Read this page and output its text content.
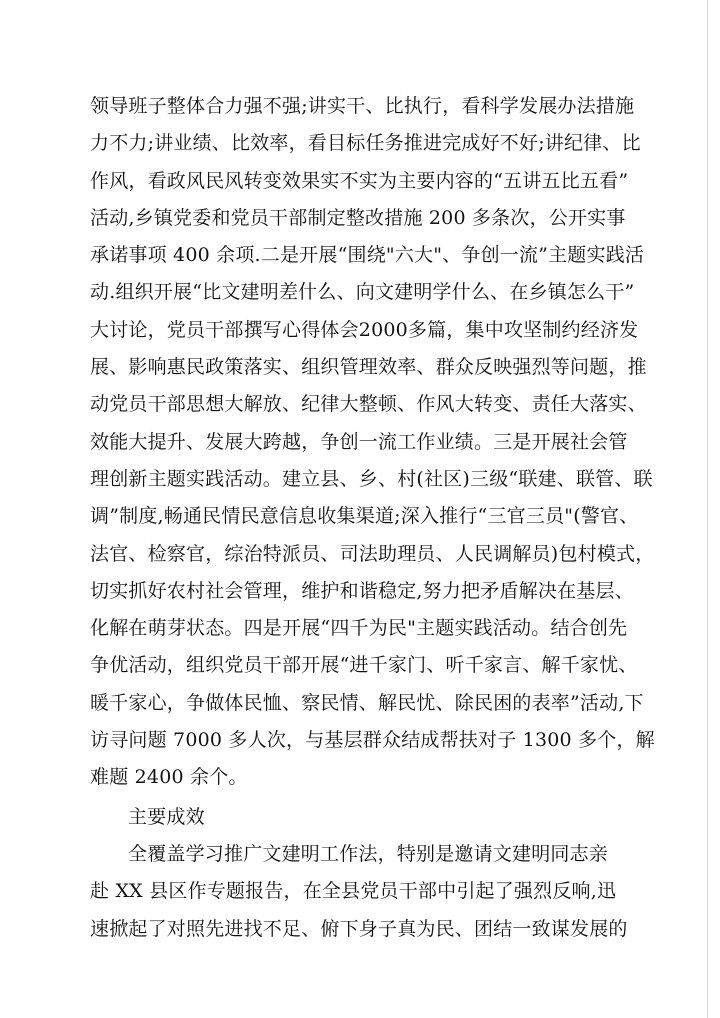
领导班子整体合力强不强;讲实干、比执行，看科学发展办法措施
力不力;讲业绩、比效率，看目标任务推进完成好不好;讲纪律、比
作风，看政风民风转变效果实不实为主要内容的“五讲五比五看”
活动,乡镇党委和党员干部制定整改措施 200 多条次，公开实事
承诺事项 400 余项.二是开展“围绕"六大"、争创一流”主题实践活
动.组织开展“比文建明差什么、向文建明学什么、在乡镇怎么干”
大讨论，党员干部撰写心得体会2000多篇，集中攻坚制约经济发
展、影响惠民政策落实、组织管理效率、群众反映强烈等问题，推
动党员干部思想大解放、纪律大整顿、作风大转变、责任大落实、
效能大提升、发展大跨越，争创一流工作业绩。三是开展社会管
理创新主题实践活动。建立县、乡、村(社区)三级“联建、联管、联
调”制度,畅通民情民意信息收集渠道;深入推行“三官三员"(警官、
法官、检察官，综治特派员、司法助理员、人民调解员)包村模式，
切实抓好农村社会管理，维护和谐稳定,努力把矛盾解决在基层、
化解在萌芽状态。四是开展“四千为民"主题实践活动。结合创先
争优活动，组织党员干部开展“进千家门、听千家言、解千家忧、
暖千家心，争做体民恤、察民情、解民忧、除民困的表率”活动,下
访寻问题 7000 多人次，与基层群众结成帮扶对子 1300 多个，解
难题 2400 余个。
主要成效
全覆盖学习推广文建明工作法，特别是邀请文建明同志亲
赴 XX 县区作专题报告，在全县党员干部中引起了强烈反响,迅
速掀起了对照先进找不足、俯下身子真为民、团结一致谋发展的
